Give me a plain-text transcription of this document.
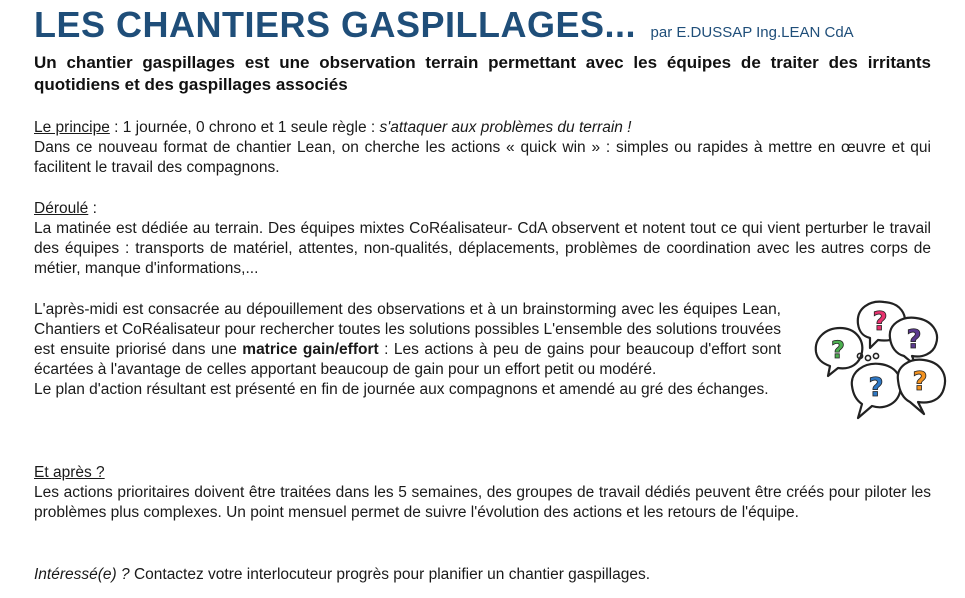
LES CHANTIERS GASPILLAGES... par E.DUSSAP Ing.LEAN CdA
Un chantier gaspillages est une observation terrain permettant avec les équipes de traiter des irritants quotidiens et des gaspillages associés
Le principe : 1 journée, 0 chrono et 1 seule règle : s'attaquer aux problèmes du terrain !
Dans ce nouveau format de chantier Lean, on cherche les actions « quick win » : simples ou rapides à mettre en œuvre et qui facilitent le travail des compagnons.
Déroulé :
La matinée est dédiée au terrain. Des équipes mixtes CoRéalisateur- CdA observent et notent tout ce qui vient perturber le travail des équipes : transports de matériel, attentes, non-qualités, déplacements, problèmes de coordination avec les autres corps de métier, manque d'informations,...
L'après-midi est consacrée au dépouillement des observations et à un brainstorming avec les équipes Lean, Chantiers et CoRéalisateur pour rechercher toutes les solutions possibles L'ensemble des solutions trouvées est ensuite priorisé dans une matrice gain/effort : Les actions à peu de gains pour beaucoup d'effort sont écartées à l'avantage de celles apportant beaucoup de gain pour un effort petit ou modéré.
Le plan d'action résultant est présenté en fin de journée aux compagnons et amendé au gré des échanges.
Et après ?
Les actions prioritaires doivent être traitées dans les 5 semaines, des groupes de travail dédiés peuvent être créés pour piloter les problèmes plus complexes. Un point mensuel permet de suivre l'évolution des actions et les retours de l'équipe.
Intéressé(e) ? Contactez votre interlocuteur progrès pour planifier un chantier gaspillages.
?
?
?
? ?
